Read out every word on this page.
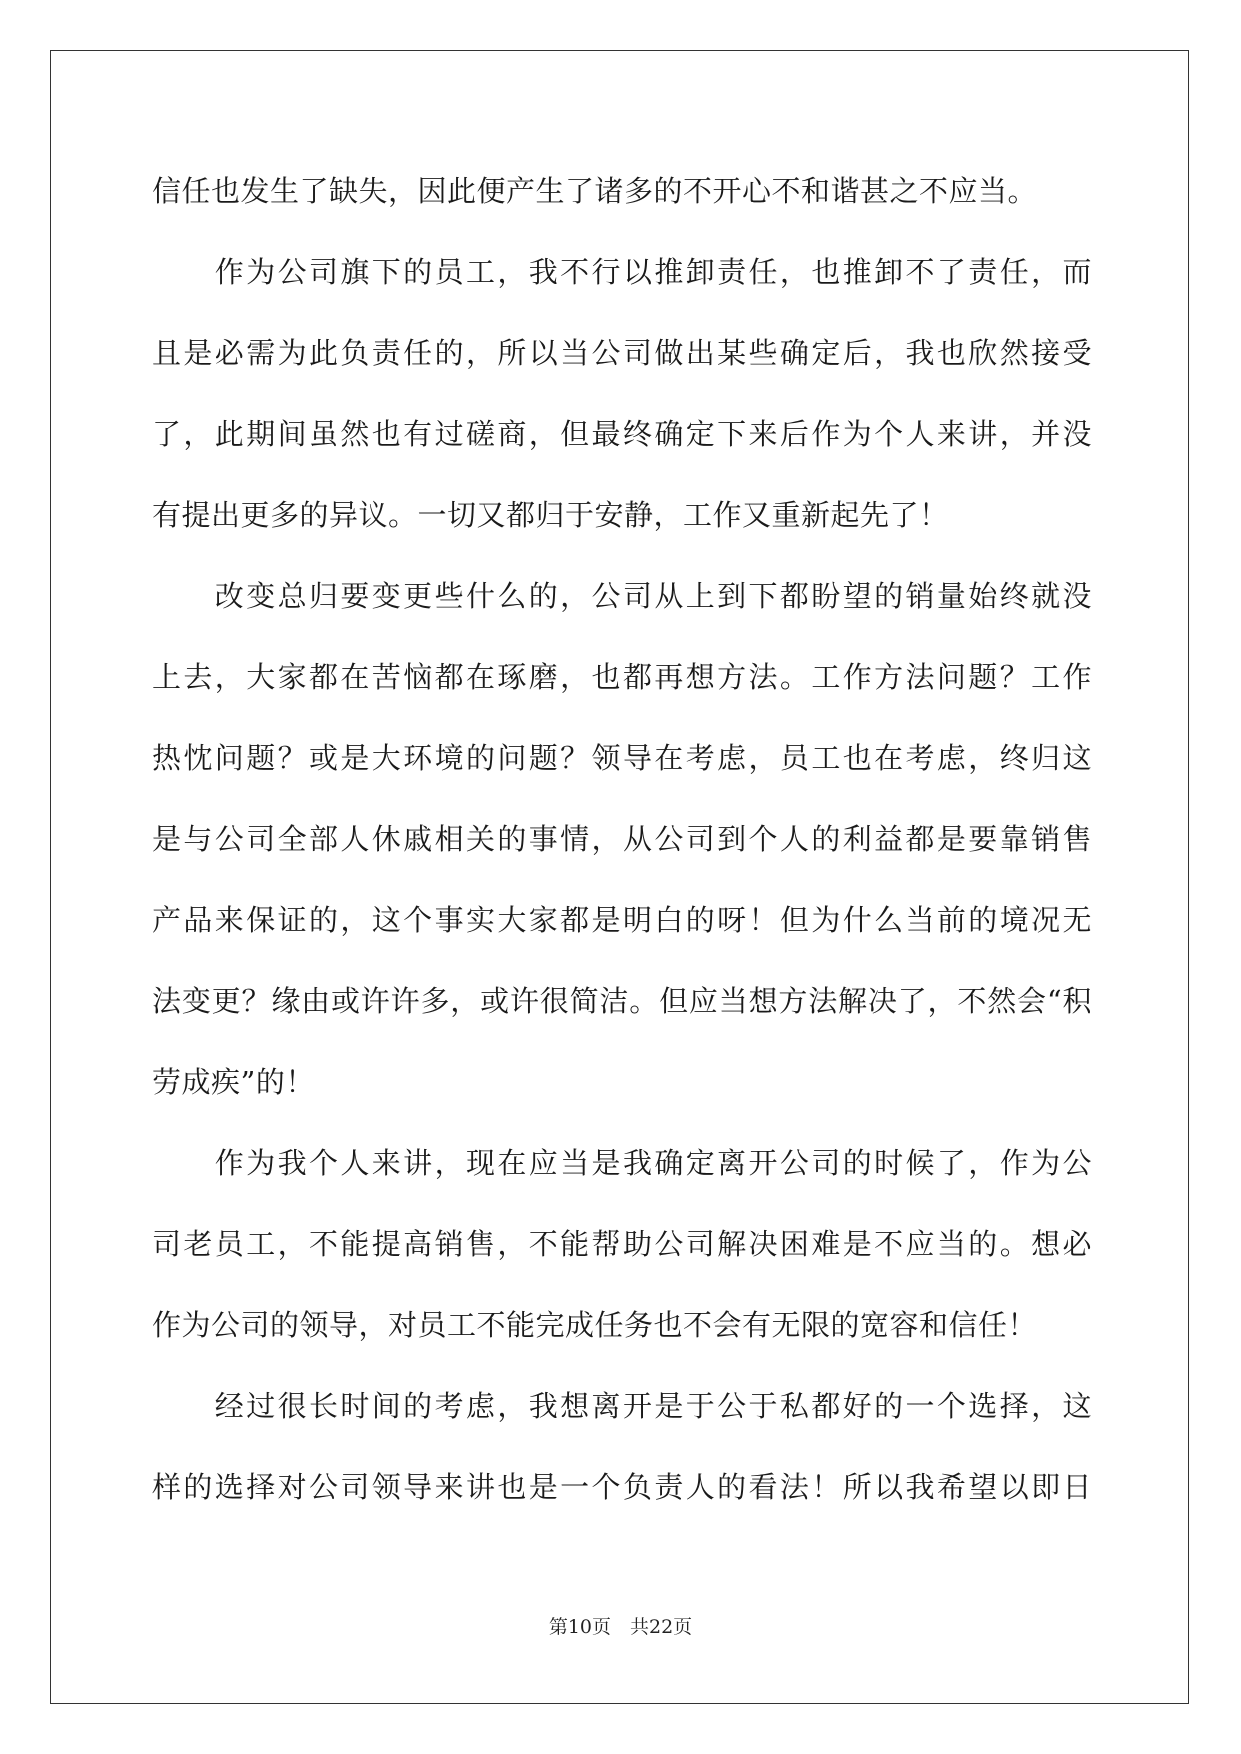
信任也发生了缺失，因此便产生了诸多的不开心不和谐甚之不应当。
　　作为公司旗下的员工，我不行以推卸责任，也推卸不了责任，而
且是必需为此负责任的，所以当公司做出某些确定后，我也欣然接受
了，此期间虽然也有过磋商，但最终确定下来后作为个人来讲，并没
有提出更多的异议。一切又都归于安静，工作又重新起先了！
　　改变总归要变更些什么的，公司从上到下都盼望的销量始终就没
上去，大家都在苦恼都在琢磨，也都再想方法。工作方法问题？工作
热忱问题？或是大环境的问题？领导在考虑，员工也在考虑，终归这
是与公司全部人休戚相关的事情，从公司到个人的利益都是要靠销售
产品来保证的，这个事实大家都是明白的呀！但为什么当前的境况无
法变更？缘由或许许多，或许很简洁。但应当想方法解决了，不然会“积
劳成疾”的！
　　作为我个人来讲，现在应当是我确定离开公司的时候了，作为公
司老员工，不能提高销售，不能帮助公司解决困难是不应当的。想必
作为公司的领导，对员工不能完成任务也不会有无限的宽容和信任！
　　经过很长时间的考虑，我想离开是于公于私都好的一个选择，这
样的选择对公司领导来讲也是一个负责人的看法！所以我希望以即日
第10页　共22页
